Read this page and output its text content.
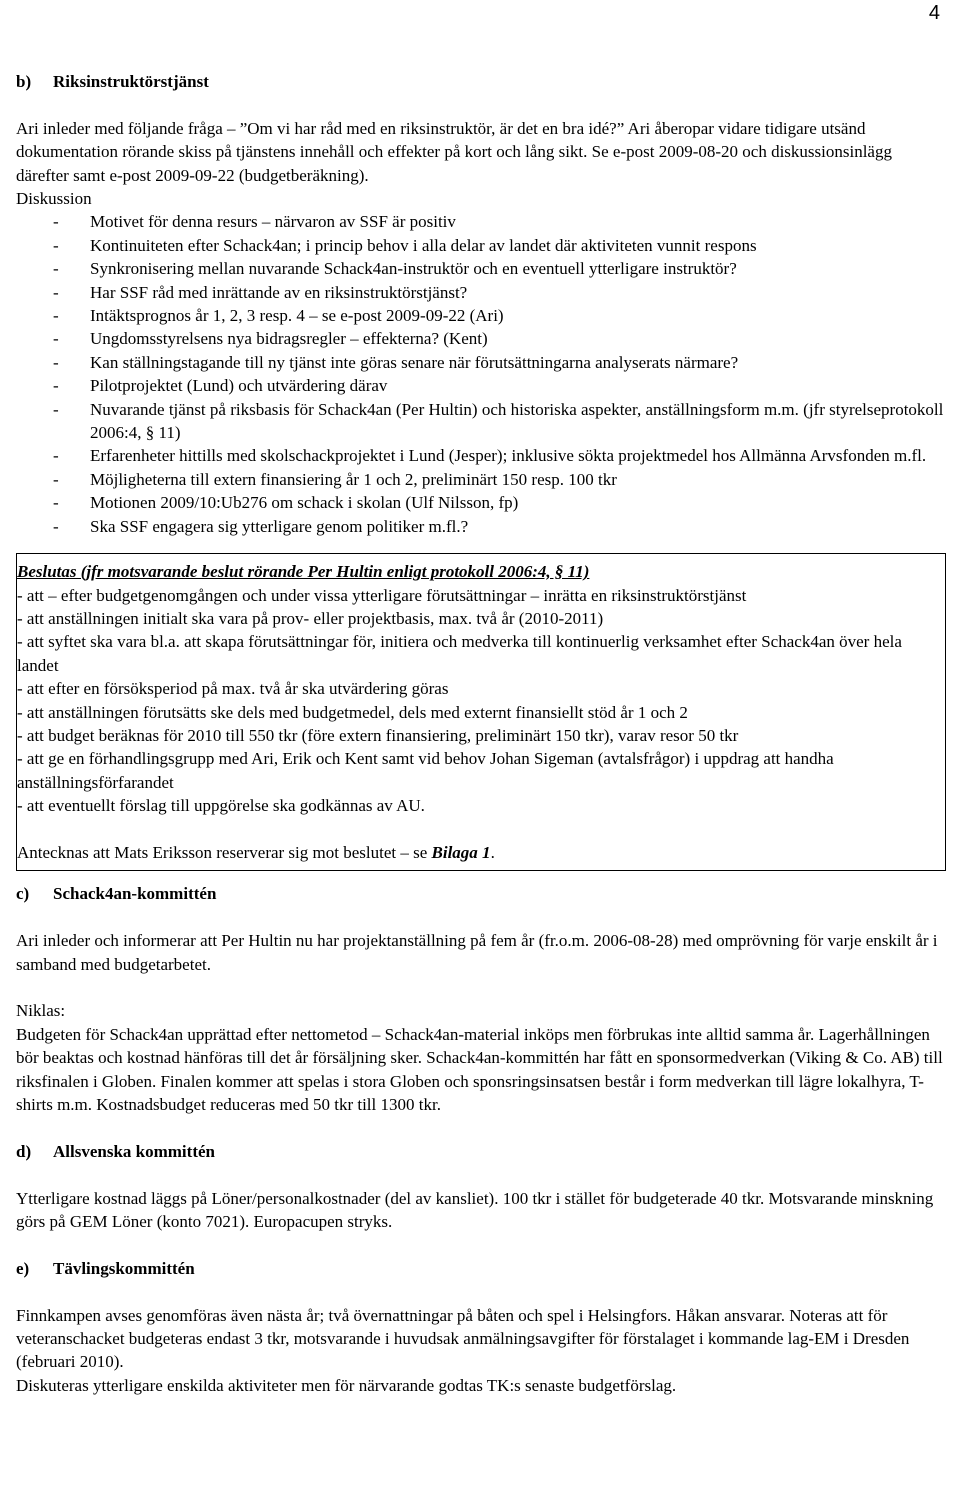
4

b) Riksinstruktörstjänst

Ari inleder med följande fråga – ”Om vi har råd med en riksinstruktör, är det en bra idé?” Ari åberopar vidare tidigare utsänd dokumentation rörande skiss på tjänstens innehåll och effekter på kort och lång sikt. Se e-post 2009-08-20 och diskussionsinlägg därefter samt e-post 2009-09-22 (budgetberäkning).

Diskussion

- Motivet för denna resurs – närvaron av SSF är positiv
- Kontinuiteten efter Schack4an; i princip behov i alla delar av landet där aktiviteten vunnit respons
- Synkronisering mellan nuvarande Schack4an-instruktör och en eventuell ytterligare instruktör?
- Har SSF råd med inrättande av en riksinstruktörstjänst?
- Intäktsprognos år 1, 2, 3 resp. 4 – se e-post 2009-09-22 (Ari)
- Ungdomsstyrelsens nya bidragsregler – effekterna? (Kent)
- Kan ställningstagande till ny tjänst inte göras senare när förutsättningarna analyserats närmare?
- Pilotprojektet (Lund) och utvärdering därav
- Nuvarande tjänst på riksbasis för Schack4an (Per Hultin) och historiska aspekter, anställningsform m.m. (jfr styrelseprotokoll 2006:4, § 11)
- Erfarenheter hittills med skolschackprojektet i Lund (Jesper); inklusive sökta projektmedel hos Allmänna Arvsfonden m.fl.
- Möjligheterna till extern finansiering år 1 och 2, preliminärt 150 resp. 100 tkr
- Motionen 2009/10:Ub276 om schack i skolan (Ulf Nilsson, fp)
- Ska SSF engagera sig ytterligare genom politiker m.fl.?

Beslutas (jfr motsvarande beslut rörande Per Hultin enligt protokoll 2006:4, § 11)

- att – efter budgetgenomgången och under vissa ytterligare förutsättningar – inrätta en riksinstruktörstjänst

- att anställningen initialt ska vara på prov- eller projektbasis, max. två år (2010-2011)

- att syftet ska vara bl.a. att skapa förutsättningar för, initiera och medverka till kontinuerlig verksamhet efter Schack4an över hela landet

- att efter en försöksperiod på max. två år ska utvärdering göras

- att anställningen förutsätts ske dels med budgetmedel, dels med externt finansiellt stöd år 1 och 2

- att budget beräknas för 2010 till 550 tkr (före extern finansiering, preliminärt 150 tkr), varav resor 50 tkr

- att ge en förhandlingsgrupp med Ari, Erik och Kent samt vid behov Johan Sigeman (avtalsfrågor) i uppdrag att handha anställningsförfarandet

- att eventuellt förslag till uppgörelse ska godkännas av AU.

Antecknas att Mats Eriksson reserverar sig mot beslutet – se Bilaga 1.

c) Schack4an-kommittén

Ari inleder och informerar att Per Hultin nu har projektanställning på fem år (fr.o.m. 2006-08-28) med omprövning för varje enskilt år i samband med budgetarbetet.

Niklas:

Budgeten för Schack4an upprättad efter nettometod – Schack4an-material inköps men förbrukas inte alltid samma år. Lagerhållningen bör beaktas och kostnad hänföras till det år försäljning sker. Schack4an-kommittén har fått en sponsormedverkan (Viking & Co. AB) till riksfinalen i Globen. Finalen kommer att spelas i stora Globen och sponsringsinsatsen består i form medverkan till lägre lokalhyra, T-shirts m.m. Kostnadsbudget reduceras med 50 tkr till 1300 tkr.

d) Allsvenska kommittén

Ytterligare kostnad läggs på Löner/personalkostnader (del av kansliet). 100 tkr i stället för budgeterade 40 tkr. Motsvarande minskning görs på GEM Löner (konto 7021). Europacupen stryks.

e) Tävlingskommittén

Finnkampen avses genomföras även nästa år; två övernattningar på båten och spel i Helsingfors. Håkan ansvarar. Noteras att för veteranschacket budgeteras endast 3 tkr, motsvarande i huvudsak anmälningsavgifter för förstalaget i kommande lag-EM i Dresden (februari 2010).

Diskuteras ytterligare enskilda aktiviteter men för närvarande godtas TK:s senaste budgetförslag.
